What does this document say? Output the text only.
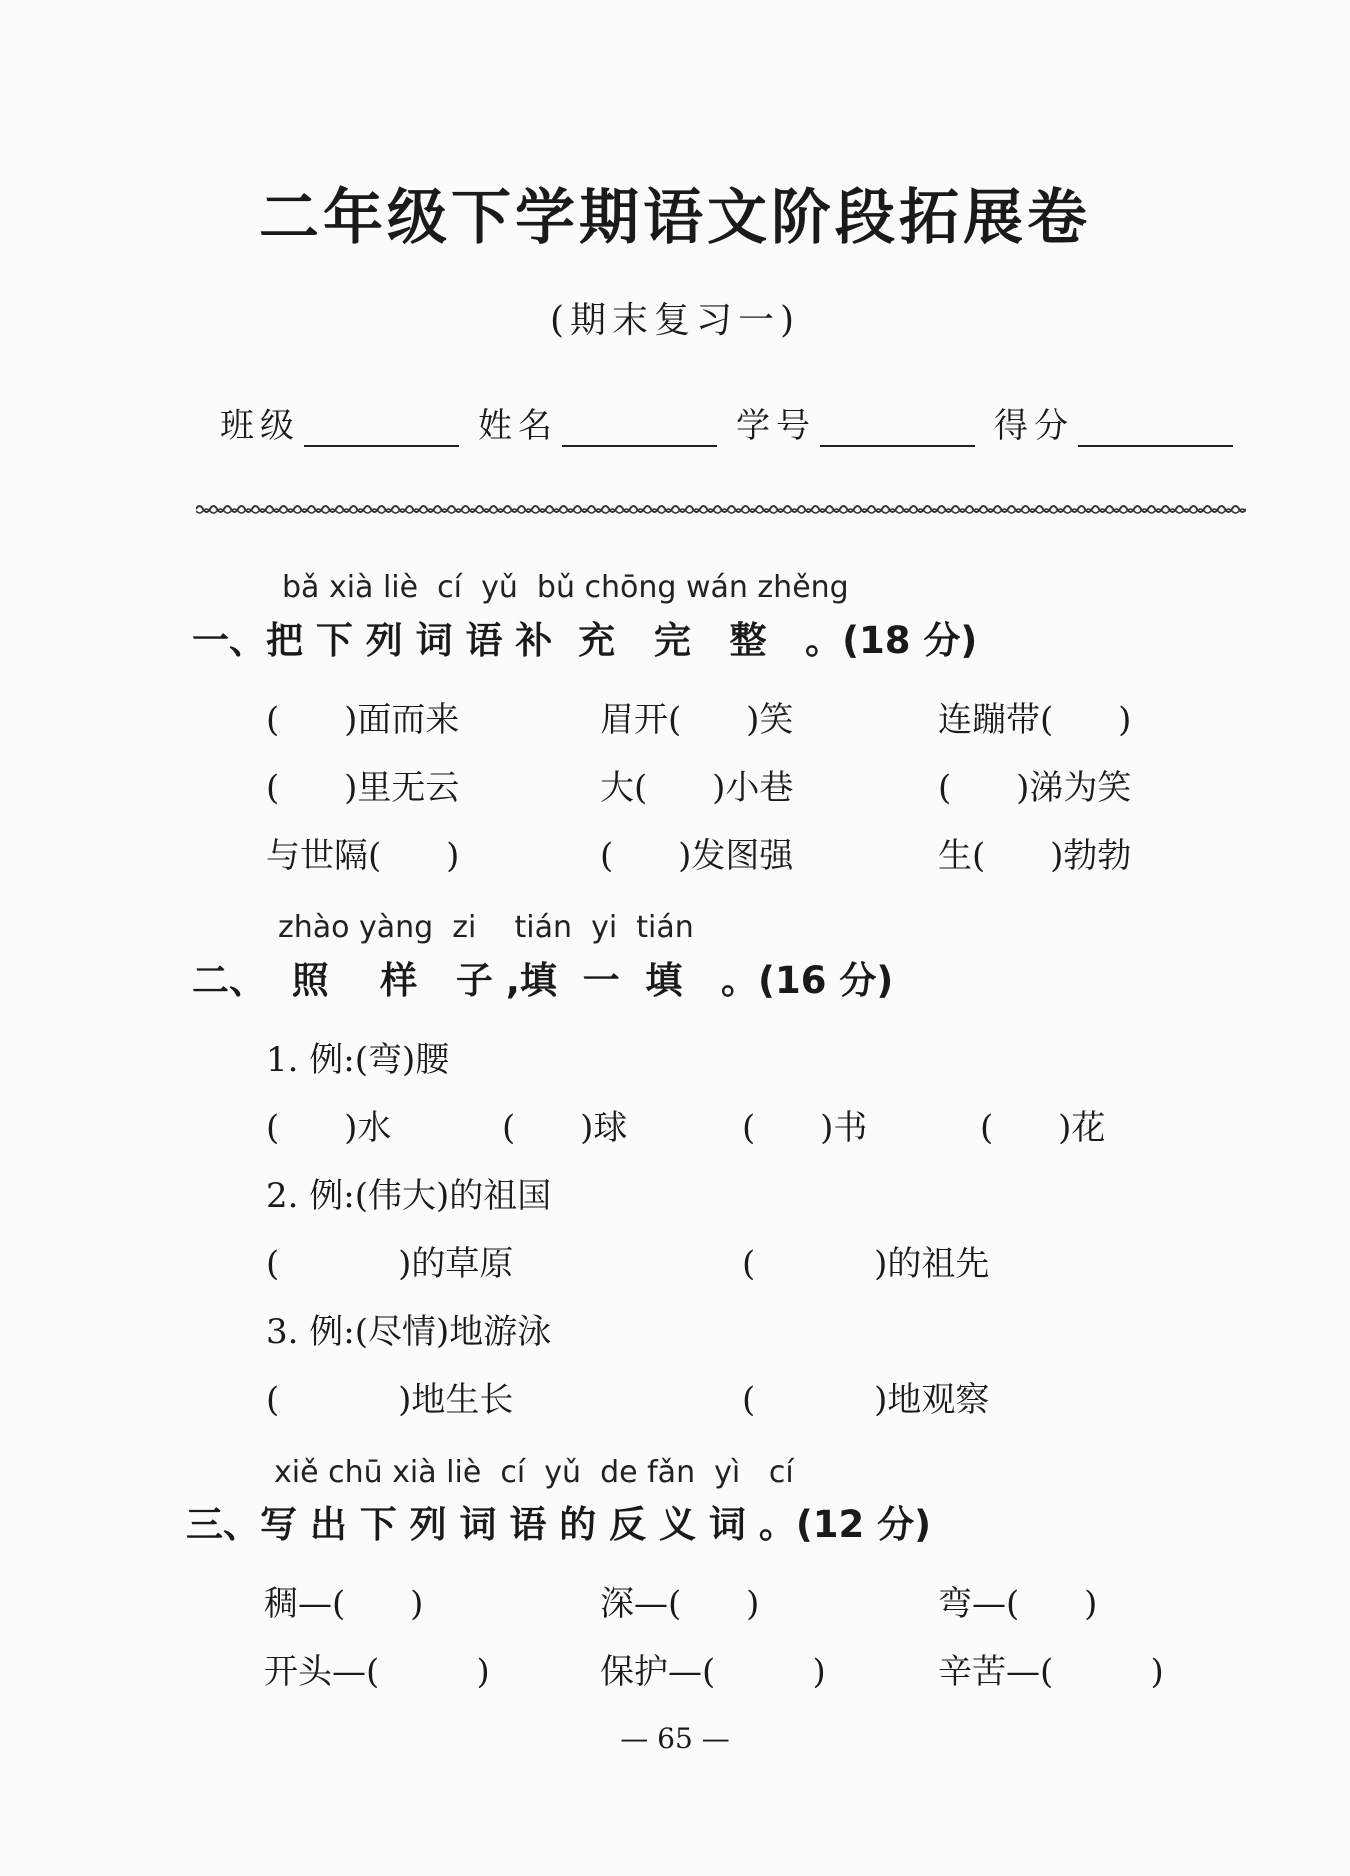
二年级下学期语文阶段拓展卷
(期末复习一)
班级	姓名	学号	得分
bǎ xià liè  cí  yǔ  bǔ chōng wán zhěng
一、把 下 列 词 语 补  充   完   整   。(18 分)
(      )面而来	眉开(      )笑	连蹦带(      )
(      )里无云	大(      )小巷	(      )涕为笑
与世隔(      )	(      )发图强	生(      )勃勃
zhào yàng  zi    tián  yi  tián
二、  照    样   子 ,填  一  填   。(16 分)
1. 例:(弯)腰
(      )水	(      )球	(      )书	(      )花
2. 例:(伟大)的祖国
(           )的草原	(           )的祖先
3. 例:(尽情)地游泳
(           )地生长	(           )地观察
xiě chū xià liè  cí  yǔ  de fǎn  yì   cí
三、写 出 下 列 词 语 的 反 义 词 。(12 分)
稠—(      )	深—(      )	弯—(      )
开头—(         )	保护—(         )	辛苦—(         )
— 65 —
